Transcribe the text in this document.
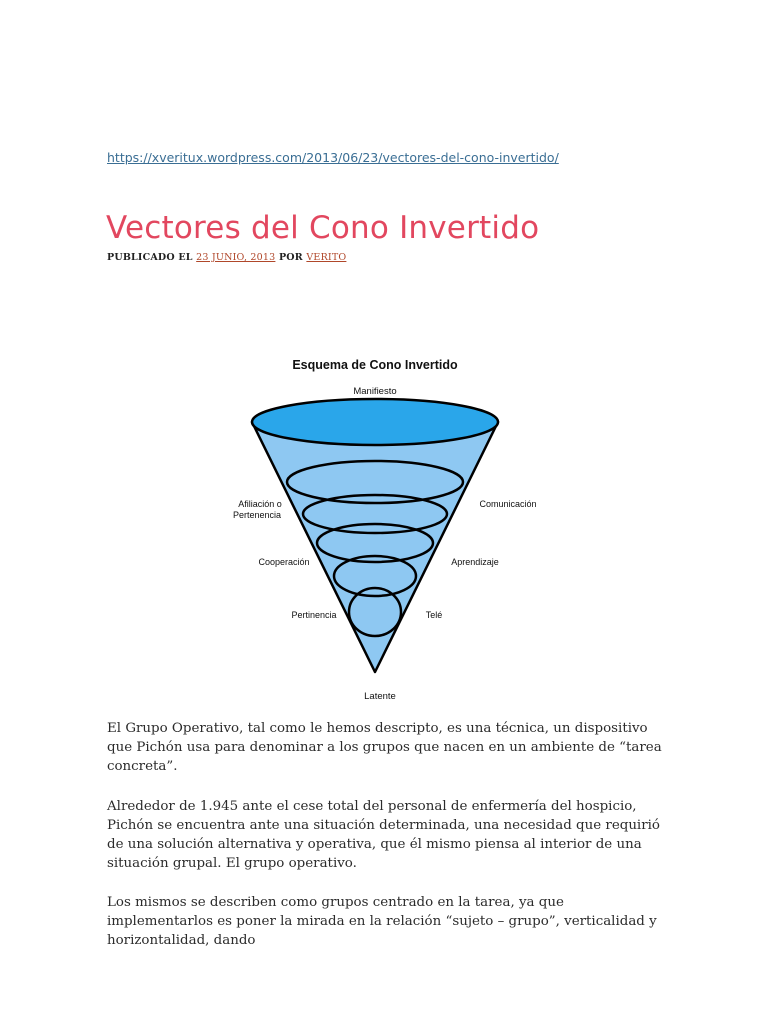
https://xveritux.wordpress.com/2013/06/23/vectores-del-cono-invertido/
Vectores del Cono Invertido
PUBLICADO EL 23 JUNIO, 2013 POR VERITO
Esquema de Cono Invertido
Manifiesto
Afiliación o
Pertenencia
Comunicación
Cooperación	Aprendizaje
Pertinencia	Telé
Latente

El Grupo Operativo, tal como le hemos descripto, es una técnica, un dispositivo que Pichón usa para denominar a los grupos que nacen en un ambiente de “tarea concreta”.

Alrededor de 1.945 ante el cese total del personal de enfermería del hospicio, Pichón se encuentra ante una situación determinada, una necesidad que requirió de una solución alternativa y operativa, que él mismo piensa al interior de una situación grupal. El grupo operativo.

Los mismos se describen como grupos centrado en la tarea, ya que implementarlos es poner la mirada en la relación “sujeto – grupo”, verticalidad y horizontalidad, dando
